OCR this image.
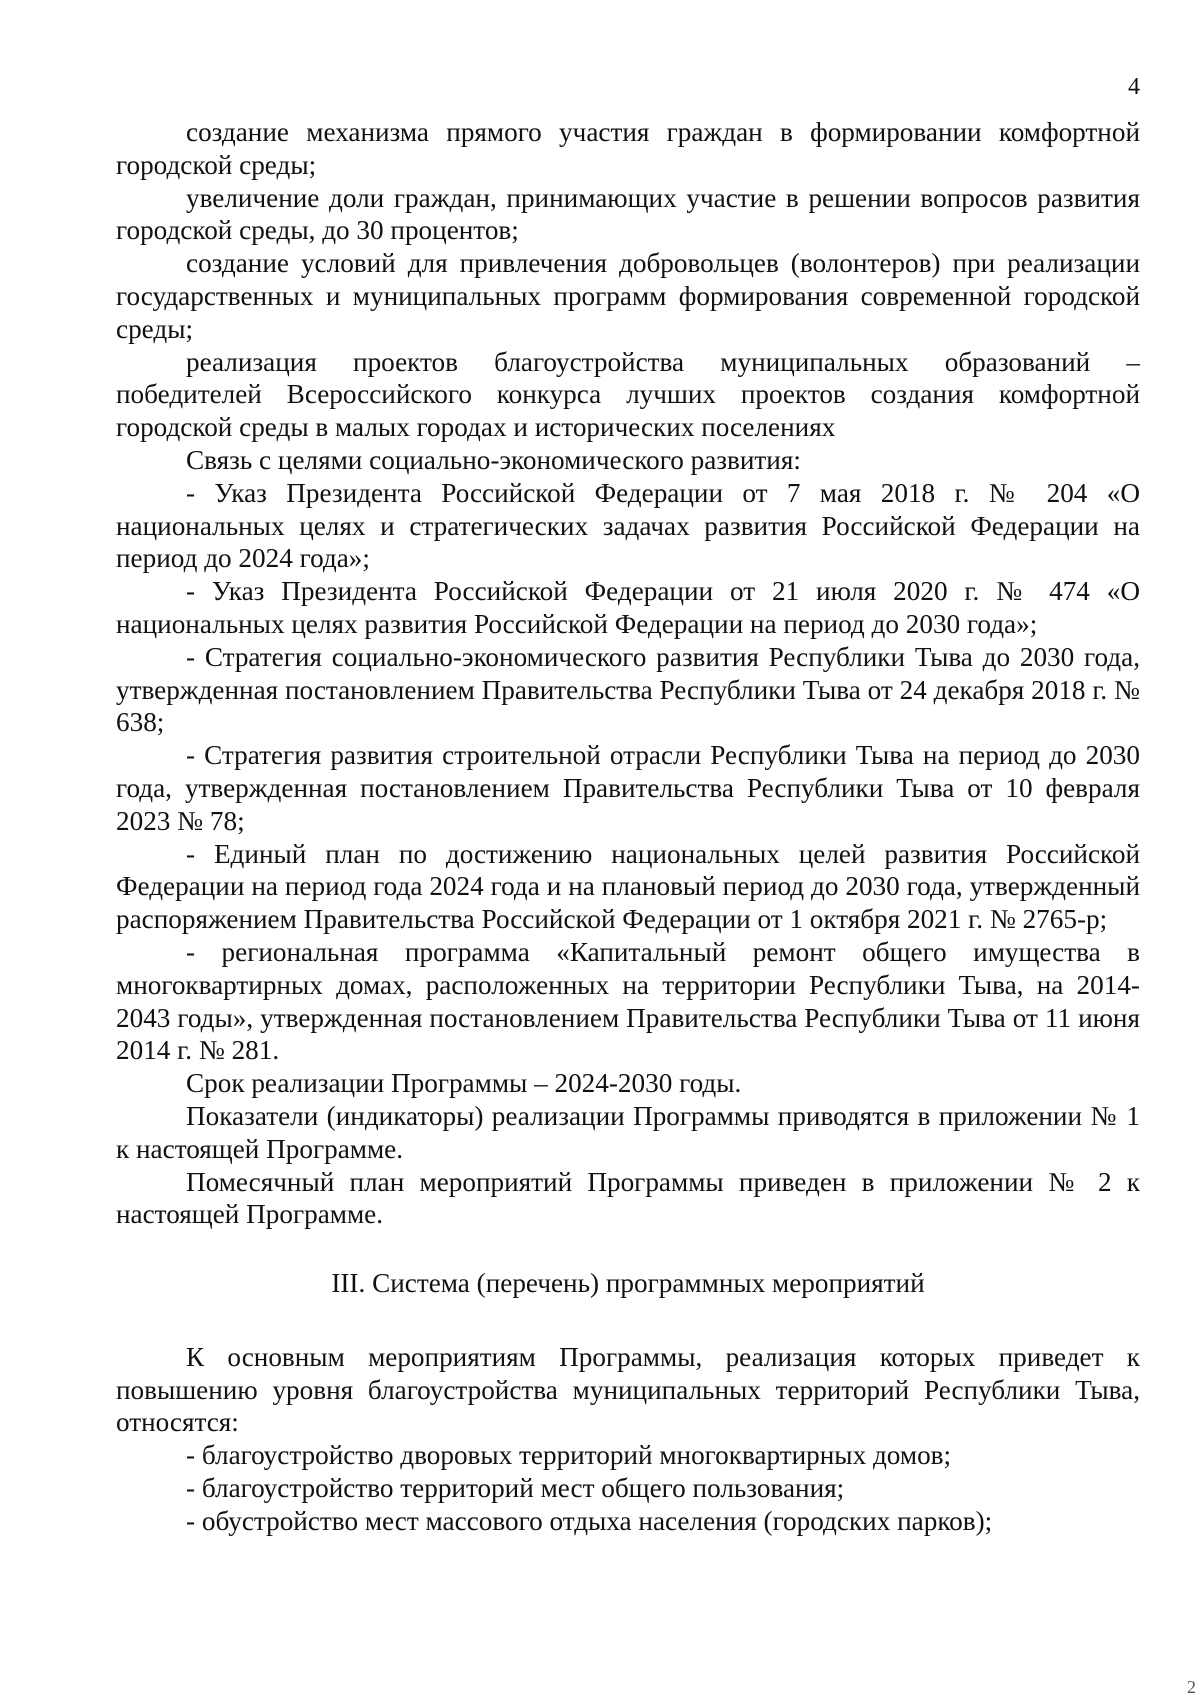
4

создание механизма прямого участия граждан в формировании комфортной городской среды;

увеличение доли граждан, принимающих участие в решении вопросов развития городской среды, до 30 процентов;

создание условий для привлечения добровольцев (волонтеров) при реализации государственных и муниципальных программ формирования современной городской среды;

реализация проектов благоустройства муниципальных образований – победителей Всероссийского конкурса лучших проектов создания комфортной городской среды в малых городах и исторических поселениях

Связь с целями социально-экономического развития:

- Указ Президента Российской Федерации от 7 мая 2018 г. № 204 «О национальных целях и стратегических задачах развития Российской Федерации на период до 2024 года»;

- Указ Президента Российской Федерации от 21 июля 2020 г. № 474 «О национальных целях развития Российской Федерации на период до 2030 года»;

- Стратегия социально-экономического развития Республики Тыва до 2030 года, утвержденная постановлением Правительства Республики Тыва от 24 декабря 2018 г. № 638;

- Стратегия развития строительной отрасли Республики Тыва на период до 2030 года, утвержденная постановлением Правительства Республики Тыва от 10 февраля 2023 № 78;

- Единый план по достижению национальных целей развития Российской Федерации на период года 2024 года и на плановый период до 2030 года, утвержденный распоряжением Правительства Российской Федерации от 1 октября 2021 г. № 2765-р;

- региональная программа «Капитальный ремонт общего имущества в многоквартирных домах, расположенных на территории Республики Тыва, на 2014-2043 годы», утвержденная постановлением Правительства Республики Тыва от 11 июня 2014 г. № 281.

Срок реализации Программы – 2024-2030 годы.

Показатели (индикаторы) реализации Программы приводятся в приложении № 1 к настоящей Программе.

Помесячный план мероприятий Программы приведен в приложении № 2 к настоящей Программе.

III. Система (перечень) программных мероприятий

К основным мероприятиям Программы, реализация которых приведет к повышению уровня благоустройства муниципальных территорий Республики Тыва, относятся:

- благоустройство дворовых территорий многоквартирных домов;

- благоустройство территорий мест общего пользования;

- обустройство мест массового отдыха населения (городских парков);

2
